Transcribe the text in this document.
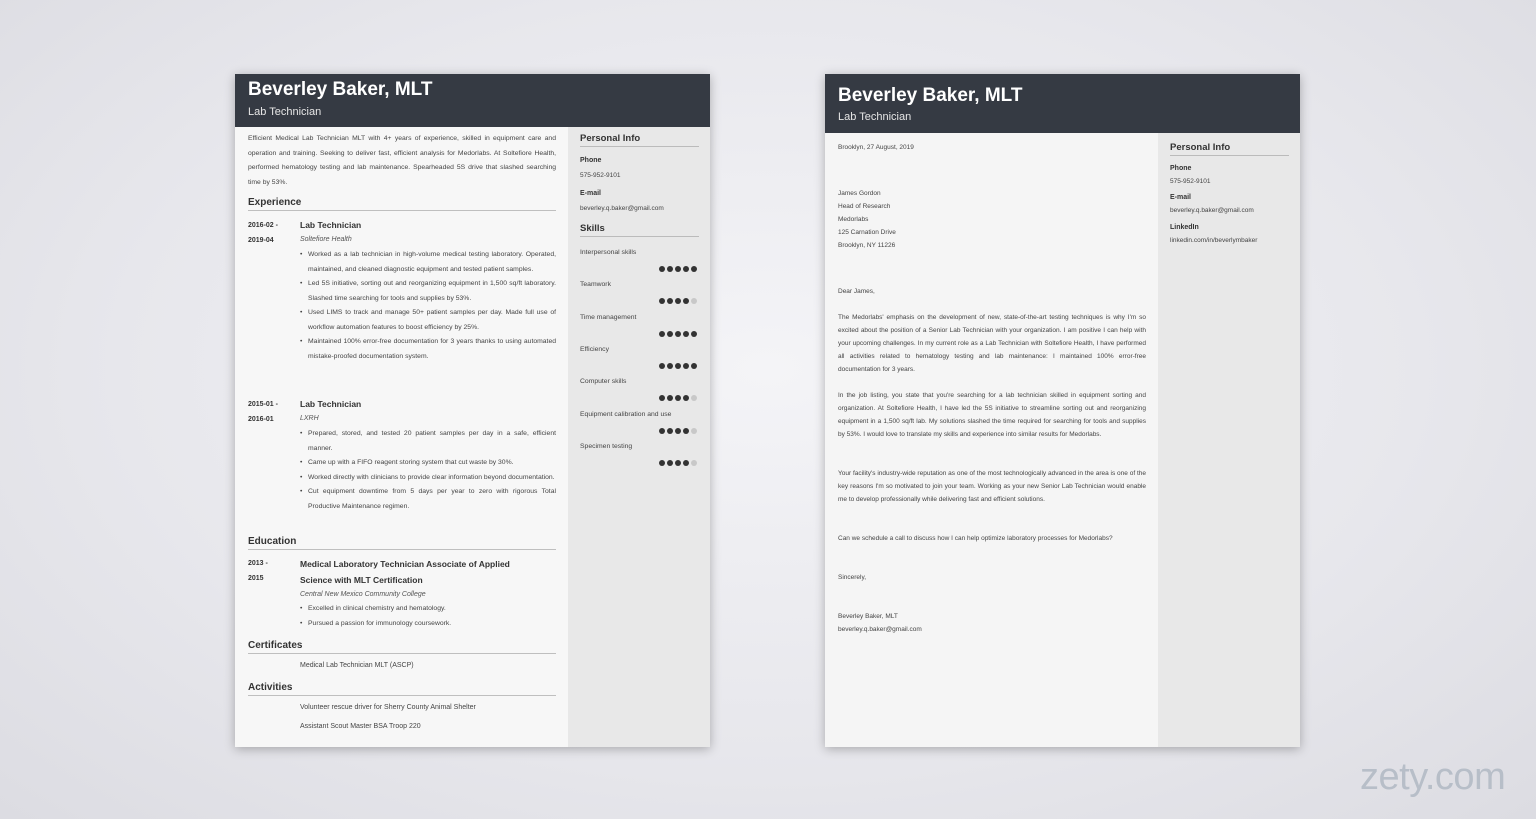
Beverley Baker, MLT
Lab Technician
Personal Info
Phone
575-952-9101
E-mail
beverley.q.baker@gmail.com
Skills
Interpersonal skills
Teamwork
Time management
Efficiency
Computer skills
Equipment calibration and use
Specimen testing
Efficient Medical Lab Technician MLT with 4+ years of experience, skilled in equipment care and operation and training. Seeking to deliver fast, efficient analysis for Medorlabs. At Soltefiore Health, performed hematology testing and lab maintenance. Spearheaded 5S drive that slashed searching time by 53%.
Experience
2016-02 -
2019-04
Lab Technician
Soltefiore Health
• Worked as a lab technician in high-volume medical testing laboratory. Operated, maintained, and cleaned diagnostic equipment and tested patient samples.
• Led 5S initiative, sorting out and reorganizing equipment in 1,500 sq/ft laboratory. Slashed time searching for tools and supplies by 53%.
• Used LIMS to track and manage 50+ patient samples per day. Made full use of workflow automation features to boost efficiency by 25%.
• Maintained 100% error-free documentation for 3 years thanks to using automated mistake-proofed documentation system.
2015-01 -
2016-01
Lab Technician
LXRH
• Prepared, stored, and tested 20 patient samples per day in a safe, efficient manner.
• Came up with a FIFO reagent storing system that cut waste by 30%.
• Worked directly with clinicians to provide clear information beyond documentation.
• Cut equipment downtime from 5 days per year to zero with rigorous Total Productive Maintenance regimen.
Education
2013 -
2015
Medical Laboratory Technician Associate of Applied Science with MLT Certification
Central New Mexico Community College
• Excelled in clinical chemistry and hematology.
• Pursued a passion for immunology coursework.
Certificates
Medical Lab Technician MLT (ASCP)
Activities
Volunteer rescue driver for Sherry County Animal Shelter
Assistant Scout Master BSA Troop 220
Beverley Baker, MLT
Lab Technician
Personal Info
Phone
575-952-9101
E-mail
beverley.q.baker@gmail.com
LinkedIn
linkedin.com/in/beverlymbaker
Brooklyn, 27 August, 2019
James Gordon
Head of Research
Medorlabs
125 Carnation Drive
Brooklyn, NY 11226
Dear James,
The Medorlabs' emphasis on the development of new, state-of-the-art testing techniques is why I'm so excited about the position of a Senior Lab Technician with your organization. I am positive I can help with your upcoming challenges. In my current role as a Lab Technician with Soltefiore Health, I have performed all activities related to hematology testing and lab maintenance: I maintained 100% error-free documentation for 3 years.
In the job listing, you state that you're searching for a lab technician skilled in equipment sorting and organization. At Soltefiore Health, I have led the 5S initiative to streamline sorting out and reorganizing equipment in a 1,500 sq/ft lab. My solutions slashed the time required for searching for tools and supplies by 53%. I would love to translate my skills and experience into similar results for Medorlabs.
Your facility's industry-wide reputation as one of the most technologically advanced in the area is one of the key reasons I'm so motivated to join your team. Working as your new Senior Lab Technician would enable me to develop professionally while delivering fast and efficient solutions.
Can we schedule a call to discuss how I can help optimize laboratory processes for Medorlabs?
Sincerely,
Beverley Baker, MLT
beverley.q.baker@gmail.com
zety.com
